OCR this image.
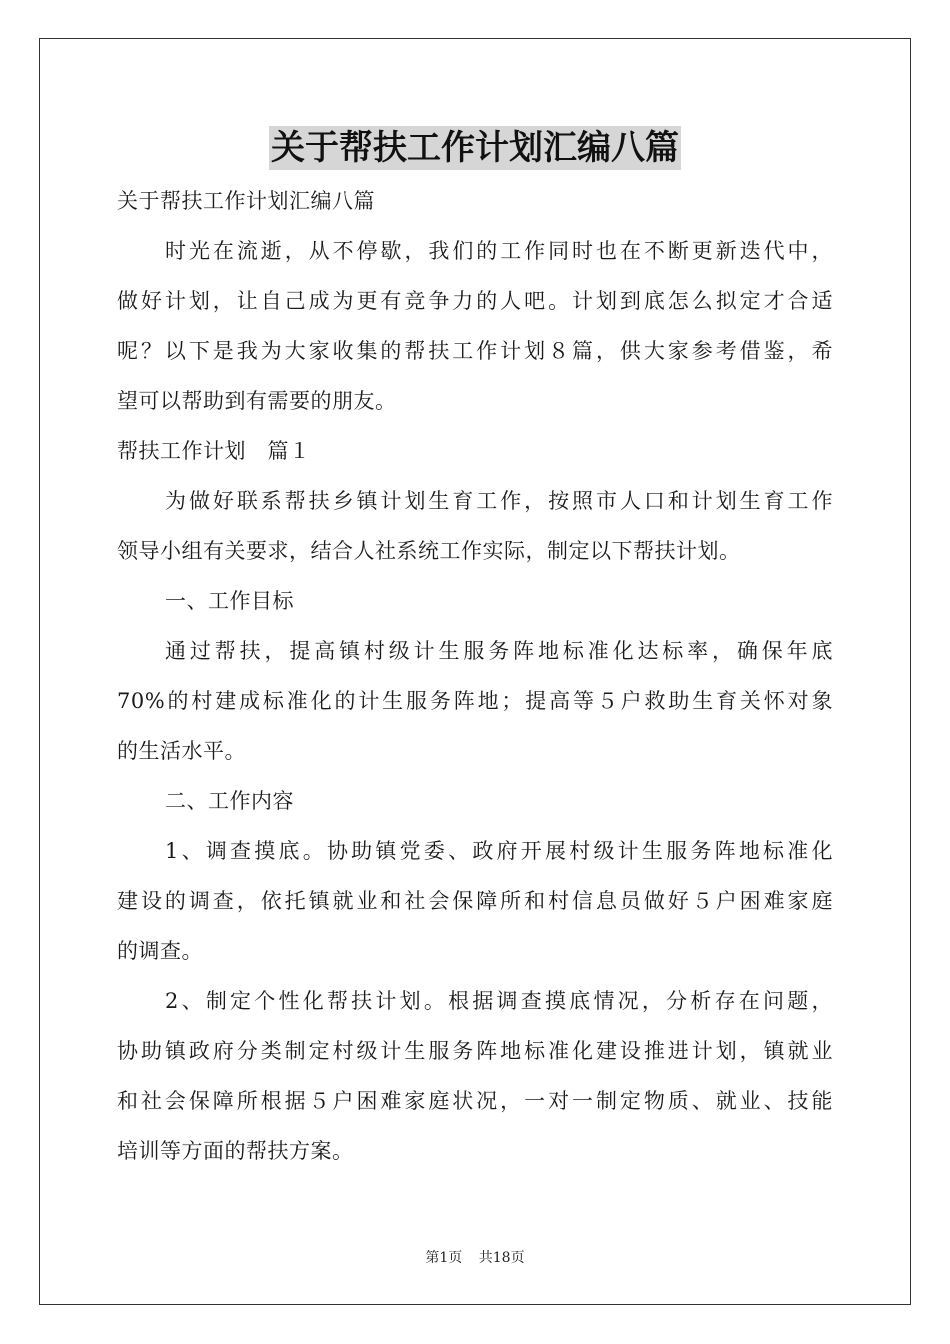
关于帮扶工作计划汇编八篇

关于帮扶工作计划汇编八篇

时光在流逝，从不停歇，我们的工作同时也在不断更新迭代中，

做好计划，让自己成为更有竞争力的人吧。计划到底怎么拟定才合适

呢？以下是我为大家收集的帮扶工作计划８篇，供大家参考借鉴，希

望可以帮助到有需要的朋友。

帮扶工作计划　篇１

为做好联系帮扶乡镇计划生育工作，按照市人口和计划生育工作

领导小组有关要求，结合人社系统工作实际，制定以下帮扶计划。

一、工作目标

通过帮扶，提高镇村级计生服务阵地标准化达标率，确保年底

70%的村建成标准化的计生服务阵地；提高等５户救助生育关怀对象

的生活水平。

二、工作内容

1、调查摸底。协助镇党委、政府开展村级计生服务阵地标准化

建设的调查，依托镇就业和社会保障所和村信息员做好５户困难家庭

的调查。

2、制定个性化帮扶计划。根据调查摸底情况，分析存在问题，

协助镇政府分类制定村级计生服务阵地标准化建设推进计划，镇就业

和社会保障所根据５户困难家庭状况，一对一制定物质、就业、技能

培训等方面的帮扶方案。

第1页 共18页
